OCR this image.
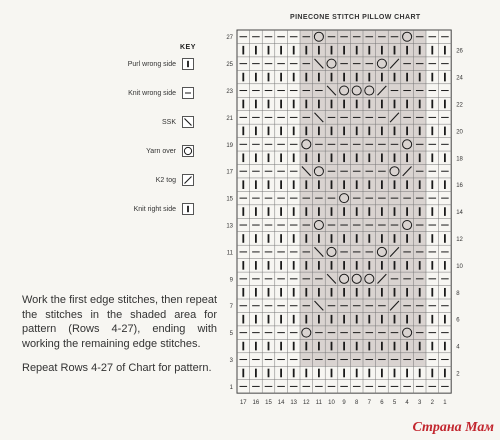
PINECONE STITCH PILLOW CHART
KEY
Purl wrong side
Knit wrong side
SSK
Yarn over
K2 tog
Knit right side
27
26
25
24
23
22
21
20
19
18
17
16
15
14
13
12
11
10
9
8
7
6
5
4
3
2
1
17 16 15 14 13 12 11 10 9 8 7 6 5 4 3 2 1
Work the first edge stitches, then repeat the stitches in the shaded area for pattern (Rows 4-27), ending with working the remaining edge stitches.
Repeat Rows 4-27 of Chart for pattern.
Страна Мам
